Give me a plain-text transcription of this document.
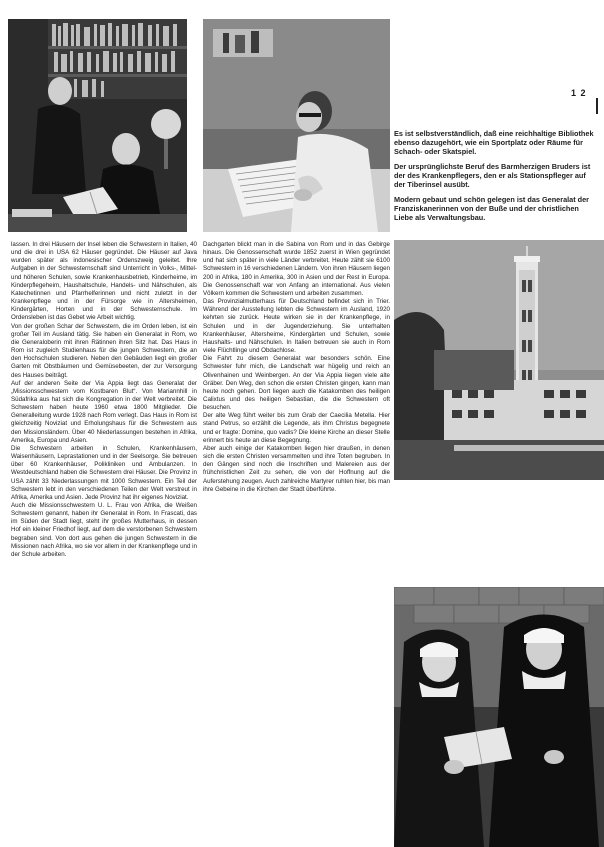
1 2

Es ist selbstverständlich, daß eine reichhaltige Bibliothek ebenso dazugehört, wie ein Sportplatz oder Räume für Schach- oder Skatspiel.

Der ursprünglichste Beruf des Barmherzigen Bruders ist der des Krankenpflegers, den er als Stationspfleger auf der Tiberinsel ausübt.

Modern gebaut und schön gelegen ist das Generalat der Franziskanerinnen von der Buße und der christlichen Liebe als Verwaltungsbau.

lassen. In drei Häusern der Insel leben die Schwestern in Italien, 40 und die drei in USA 62 Häuser gegründet. Die Häuser auf Java wurden später als indonesischer Ordenszweig geleitet. Ihre Aufgaben in der Schwesternschaft sind Unterricht in Volks-, Mittel- und höheren Schulen, sowie Krankenhausbetrieb, Kinderheime, im Kinderpflegeheim, Haushaltschule, Handels- und Nähschulen, als Katechetinnen und Pfarrhelferinnen und nicht zuletzt in der Krankenpflege und in der Fürsorge wie in Altersheimen, Kindergärten, Horten und in der Schwesternschule. Im Ordensleben ist das Gebet wie Arbeit wichtig.

Von der großen Schar der Schwestern, die im Orden leben, ist ein großer Teil im Ausland tätig. Sie haben ein Generalat in Rom, wo die Generaloberin mit ihren Rätinnen ihren Sitz hat. Das Haus in Rom ist zugleich Studienhaus für die jungen Schwestern, die an den Hochschulen studieren. Neben den Gebäuden liegt ein großer Garten mit Obstbäumen und Gemüsebeeten, der zur Versorgung des Hauses beiträgt.

Auf der anderen Seite der Via Appia liegt das Generalat der „Missionsschwestern vom Kostbaren Blut“. Von Mariannhill in Südafrika aus hat sich die Kongregation in der Welt verbreitet. Die Schwestern haben heute 1960 etwa 1800 Mitglieder. Die Generalleitung wurde 1928 nach Rom verlegt. Das Haus in Rom ist gleichzeitig Noviziat und Erholungshaus für die Schwestern aus den Missionsländern. Über 40 Niederlassungen bestehen in Afrika, Amerika, Europa und Asien.

Die Schwestern arbeiten in Schulen, Krankenhäusern, Waisenhäusern, Leprastationen und in der Seelsorge. Sie betreuen über 60 Krankenhäuser, Polikliniken und Ambulanzen. In Westdeutschland haben die Schwestern drei Häuser. Die Provinz in USA zählt 33 Niederlassungen mit 1000 Schwestern. Ein Teil der Schwestern lebt in den verschiedenen Teilen der Welt verstreut in Afrika, Amerika und Asien. Jede Provinz hat ihr eigenes Noviziat.

Auch die Missionsschwestern U. L. Frau von Afrika, die Weißen Schwestern genannt, haben ihr Generalat in Rom. In Frascati, das im Süden der Stadt liegt, steht ihr großes Mutterhaus, in dessen Hof ein kleiner Friedhof liegt, auf dem die verstorbenen Schwestern begraben sind. Von dort aus gehen die jungen Schwestern in die Missionen nach Afrika, wo sie vor allem in der Krankenpflege und in der Schule arbeiten.

Dachgarten blickt man in die Sabina von Rom und in das Gebirge hinaus. Die Genossenschaft wurde 1852 zuerst in Wien gegründet und hat sich später in viele Länder verbreitet. Heute zählt sie 6100 Schwestern in 16 verschiedenen Ländern. Von ihren Häusern liegen 200 in Afrika, 180 in Amerika, 300 in Asien und der Rest in Europa. Die Genossenschaft war von Anfang an international. Aus vielen Völkern kommen die Schwestern und arbeiten zusammen.

Das Provinzialmutterhaus für Deutschland befindet sich in Trier. Während der Ausstellung lebten die Schwestern im Ausland, 1920 kehrten sie zurück. Heute wirken sie in der Krankenpflege, in Schulen und in der Jugenderziehung. Sie unterhalten Krankenhäuser, Altersheime, Kindergärten und Schulen, sowie Haushalts- und Nähschulen. In Italien betreuen sie auch in Rom viele Flüchtlinge und Obdachlose.

Die Fahrt zu diesem Generalat war besonders schön. Eine Schwester fuhr mich, die Landschaft war hügelig und reich an Olivenhainen und Weinbergen. An der Via Appia liegen viele alte Gräber. Den Weg, den schon die ersten Christen gingen, kann man heute noch gehen. Dort liegen auch die Katakomben des heiligen Calixtus und des heiligen Sebastian, die die Schwestern oft besuchen.

Der alte Weg führt weiter bis zum Grab der Caecilia Metella. Hier stand Petrus, so erzählt die Legende, als ihm Christus begegnete und er fragte: Domine, quo vadis? Die kleine Kirche an dieser Stelle erinnert bis heute an diese Begegnung.

Aber auch einige der Katakomben liegen hier draußen, in denen sich die ersten Christen versammelten und ihre Toten begruben. In den Gängen sind noch die Inschriften und Malereien aus der frühchristlichen Zeit zu sehen, die von der Hoffnung auf die Auferstehung zeugen. Auch zahlreiche Martyrer ruhten hier, bis man ihre Gebeine in die Kirchen der Stadt überführte.
